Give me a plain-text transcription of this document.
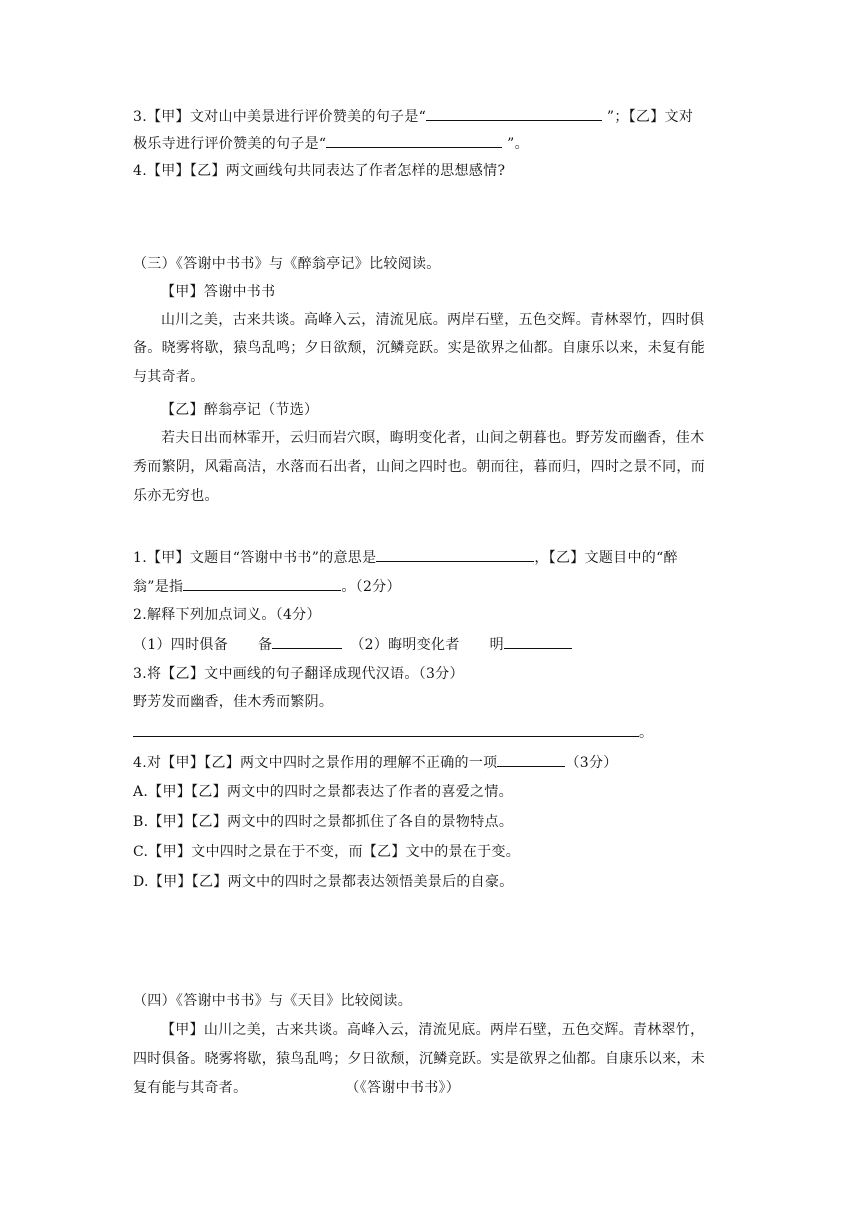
3.【甲】文对山中美景进行评价赞美的句子是“	”；【乙】文对
极乐寺进行评价赞美的句子是“	”。
4.【甲】【乙】两文画线句共同表达了作者怎样的思想感情?
（三）《答谢中书书》与《醉翁亭记》比较阅读。
【甲】答谢中书书
山川之美，古来共谈。高峰入云，清流见底。两岸石壁，五色交辉。青林翠竹，四时俱
备。晓雾将歇，猿鸟乱鸣；夕日欲颓，沉鳞竞跃。实是欲界之仙都。自康乐以来，未复有能
与其奇者。
【乙】醉翁亭记（节选）
若夫日出而林霏开，云归而岩穴暝，晦明变化者，山间之朝暮也。野芳发而幽香，佳木
秀而繁阴，风霜高洁，水落而石出者，山间之四时也。朝而往，暮而归，四时之景不同，而
乐亦无穷也。
1.【甲】文题目“答谢中书书”的意思是	，【乙】文题目中的“醉
翁”是指	。（2分）
2.解释下列加点词义。（4分）
（1）四时俱备 备	（2）晦明变化者 明
3.将【乙】文中画线的句子翻译成现代汉语。（3分）
野芳发而幽香，佳木秀而繁阴。
。
4.对【甲】【乙】两文中四时之景作用的理解不正确的一项	（3分）
A.【甲】【乙】两文中的四时之景都表达了作者的喜爱之情。
B.【甲】【乙】两文中的四时之景都抓住了各自的景物特点。
C.【甲】文中四时之景在于不变，而【乙】文中的景在于变。
D.【甲】【乙】两文中的四时之景都表达领悟美景后的自豪。
（四）《答谢中书书》与《天目》比较阅读。
【甲】山川之美，古来共谈。高峰入云，清流见底。两岸石壁，五色交辉。青林翠竹，
四时俱备。晓雾将歇，猿鸟乱鸣；夕日欲颓，沉鳞竞跃。实是欲界之仙都。自康乐以来，未
复有能与其奇者。	（《答谢中书书》）
